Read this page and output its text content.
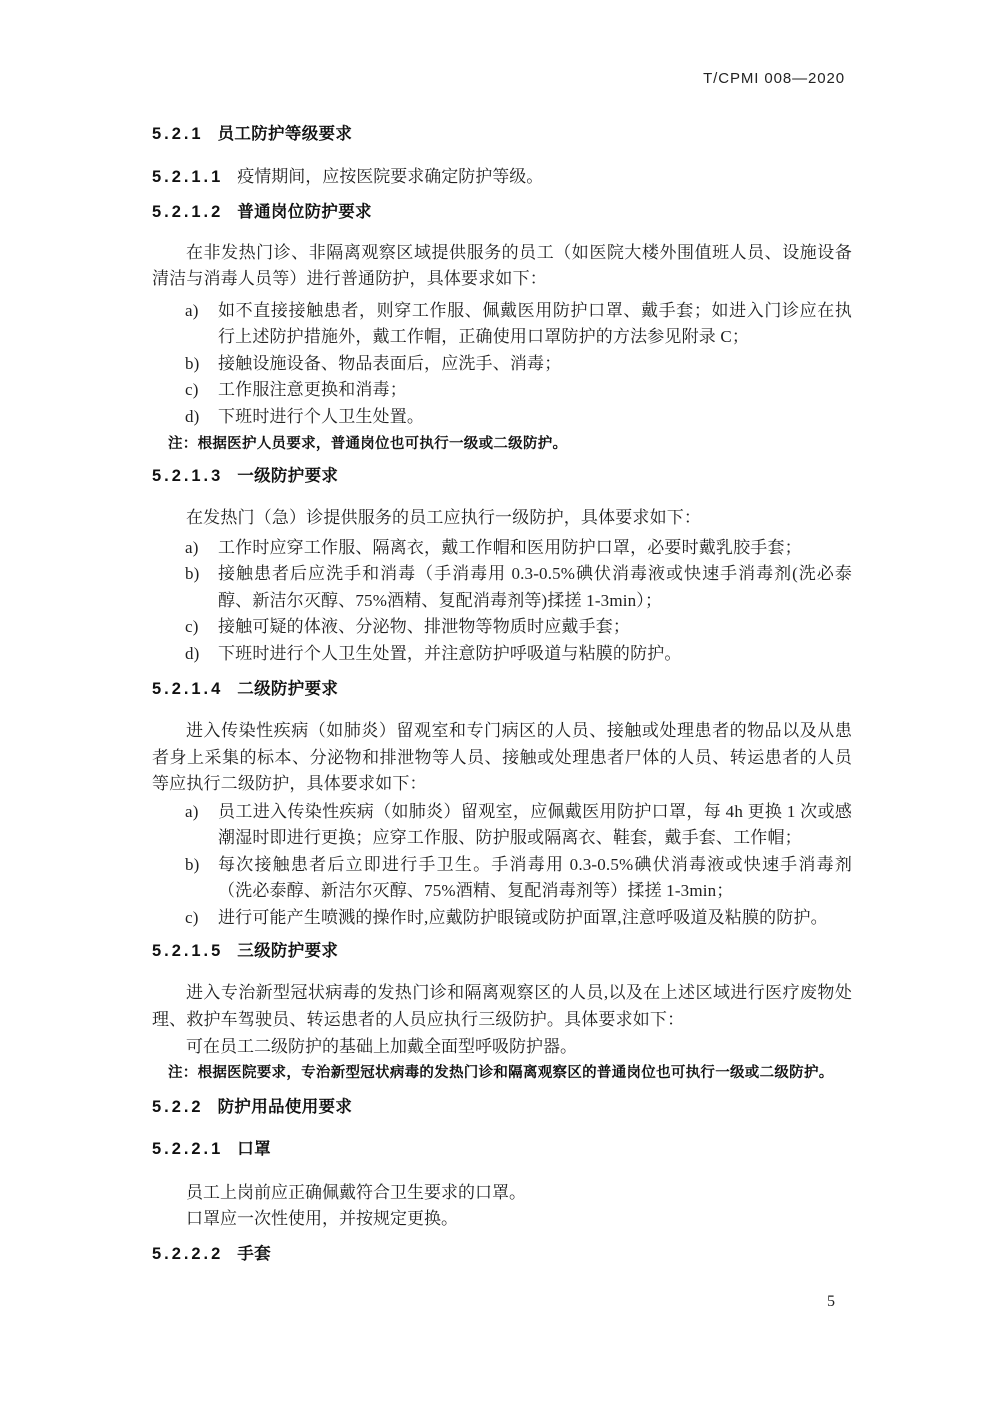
T/CPMI 008—2020
5.2.1 员工防护等级要求
5.2.1.1 疫情期间，应按医院要求确定防护等级。
5.2.1.2 普通岗位防护要求
在非发热门诊、非隔离观察区域提供服务的员工（如医院大楼外围值班人员、设施设备清洁与消毒人员等）进行普通防护，具体要求如下：
a) 如不直接接触患者，则穿工作服、佩戴医用防护口罩、戴手套；如进入门诊应在执行上述防护措施外，戴工作帽，正确使用口罩防护的方法参见附录 C；
b) 接触设施设备、物品表面后，应洗手、消毒；
c) 工作服注意更换和消毒；
d) 下班时进行个人卫生处置。
注：根据医护人员要求，普通岗位也可执行一级或二级防护。
5.2.1.3 一级防护要求
在发热门（急）诊提供服务的员工应执行一级防护，具体要求如下：
a) 工作时应穿工作服、隔离衣，戴工作帽和医用防护口罩，必要时戴乳胶手套；
b) 接触患者后应洗手和消毒（手消毒用 0.3-0.5%碘伏消毒液或快速手消毒剂(洗必泰醇、新洁尔灭醇、75%酒精、复配消毒剂等)揉搓 1-3min）；
c) 接触可疑的体液、分泌物、排泄物等物质时应戴手套；
d) 下班时进行个人卫生处置，并注意防护呼吸道与粘膜的防护。
5.2.1.4 二级防护要求
进入传染性疾病（如肺炎）留观室和专门病区的人员、接触或处理患者的物品以及从患者身上采集的标本、分泌物和排泄物等人员、接触或处理患者尸体的人员、转运患者的人员等应执行二级防护，具体要求如下：
a) 员工进入传染性疾病（如肺炎）留观室，应佩戴医用防护口罩，每 4h 更换 1 次或感潮湿时即进行更换；应穿工作服、防护服或隔离衣、鞋套，戴手套、工作帽；
b) 每次接触患者后立即进行手卫生。手消毒用 0.3-0.5%碘伏消毒液或快速手消毒剂（洗必泰醇、新洁尔灭醇、75%酒精、复配消毒剂等）揉搓 1-3min；
c) 进行可能产生喷溅的操作时,应戴防护眼镜或防护面罩,注意呼吸道及粘膜的防护。
5.2.1.5 三级防护要求
进入专治新型冠状病毒的发热门诊和隔离观察区的人员,以及在上述区域进行医疗废物处理、救护车驾驶员、转运患者的人员应执行三级防护。具体要求如下：
可在员工二级防护的基础上加戴全面型呼吸防护器。
注：根据医院要求，专治新型冠状病毒的发热门诊和隔离观察区的普通岗位也可执行一级或二级防护。
5.2.2 防护用品使用要求
5.2.2.1 口罩
员工上岗前应正确佩戴符合卫生要求的口罩。
口罩应一次性使用，并按规定更换。
5.2.2.2 手套
5
